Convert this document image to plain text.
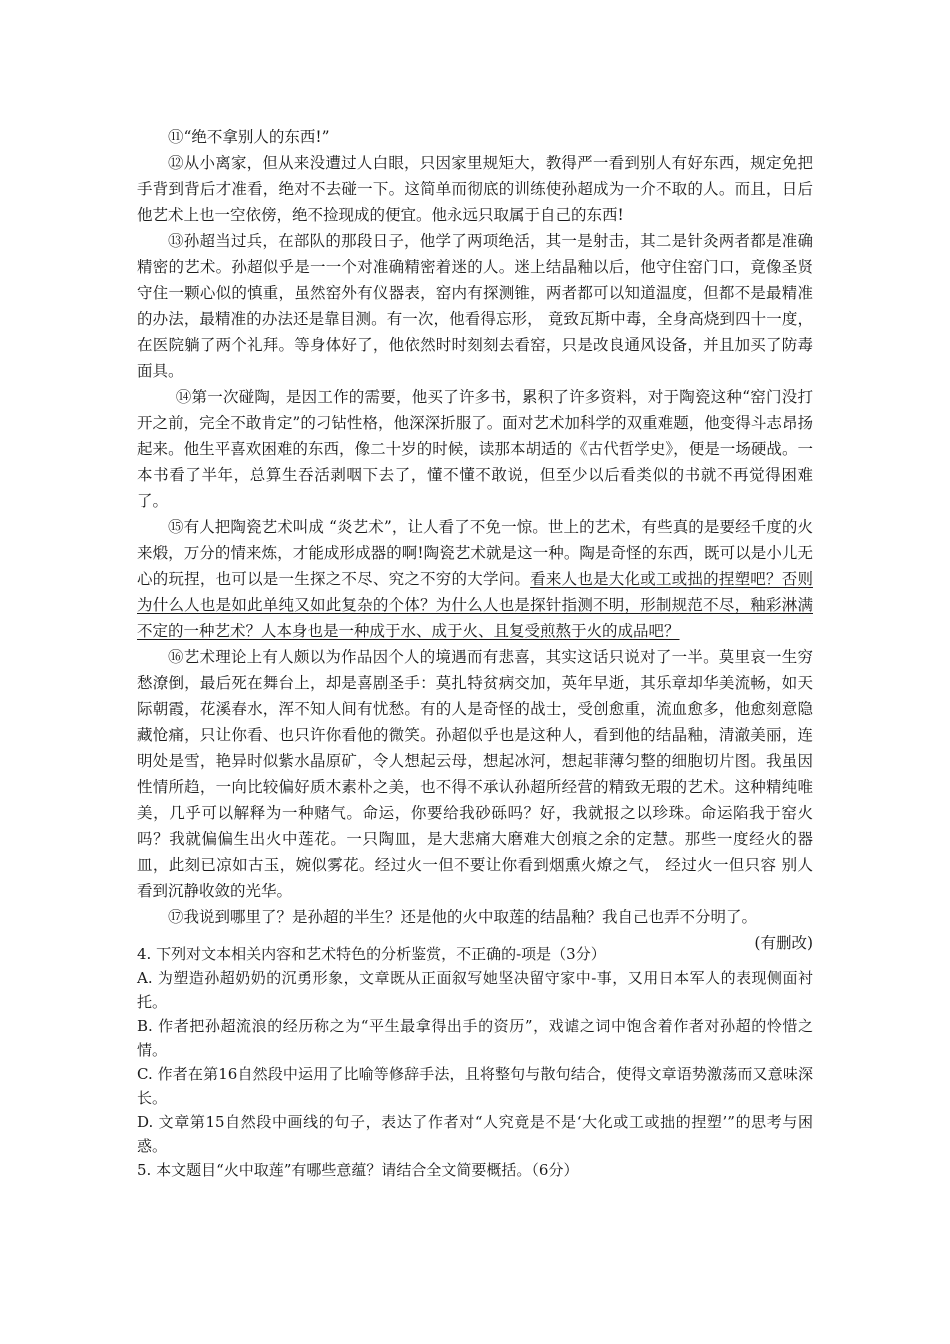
⑪“绝不拿别人的东西!”

⑫从小离家，但从来没遭过人白眼，只因家里规矩大，教得严一看到别人有好东西，规定免把手背到背后才准看，绝对不去碰一下。这简单而彻底的训练使孙超成为一介不取的人。而且，日后他艺术上也一空依傍，绝不捡现成的便宜。他永远只取属于自己的东西!

⑬孙超当过兵，在部队的那段日子，他学了两项绝活，其一是射击，其二是针灸两者都是准确精密的艺术。孙超似乎是一一个对准确精密着迷的人。迷上结晶釉以后，他守住窑门口，竟像圣贤守住一颗心似的慎重，虽然窑外有仪器表，窑内有探测锥，两者都可以知道温度，但都不是最精准的办法，最精准的办法还是靠目测。有一次，他看得忘形， 竟致瓦斯中毒，全身高烧到四十一度，在医院躺了两个礼拜。等身体好了，他依然时时刻刻去看窑，只是改良通风设备，并且加买了防毒面具。

⑭第一次碰陶，是因工作的需要，他买了许多书，累积了许多资料，对于陶瓷这种“窑门没打开之前，完全不敢肯定”的刁钻性格，他深深折服了。面对艺术加科学的双重难题，他变得斗志昂扬起来。他生平喜欢困难的东西，像二十岁的时候，读那本胡适的《古代哲学史》，便是一场硬战。一本书看了半年，总算生吞活剥咽下去了，懂不懂不敢说，但至少以后看类似的书就不再觉得困难了。

⑮有人把陶瓷艺术叫成 “炎艺术”，让人看了不免一惊。世上的艺术，有些真的是要经千度的火来煅，万分的情来炼，才能成形成器的啊!陶瓷艺术就是这一种。陶是奇怪的东西，既可以是小儿无心的玩捏，也可以是一生探之不尽、究之不穷的大学问。看来人也是大化或工或拙的捏塑吧？否则为什么人也是如此单纯又如此复杂的个体？为什么人也是探针指测不明，形制规范不尽，釉彩淋满不定的一种艺术？人本身也是一种成于水、成于火、且复受煎熬于火的成品吧？

⑯艺术理论上有人颇以为作品因个人的境遇而有悲喜，其实这话只说对了一半。莫里哀一生穷愁潦倒，最后死在舞台上，却是喜剧圣手：莫扎特贫病交加，英年早逝，其乐章却华美流畅，如天际朝霞，花溪春水，浑不知人间有忧愁。有的人是奇怪的战士，受创愈重，流血愈多，他愈刻意隐藏怆痛，只让你看、也只许你看他的微笑。孙超似乎也是这种人，看到他的结晶釉，清澈美丽，连明处是雪，艳异时似紫水晶原矿，令人想起云母，想起冰河，想起菲薄匀整的细胞切片图。我虽因性情所趋，一向比较偏好质木素朴之美，也不得不承认孙超所经营的精致无瑕的艺术。这种精纯唯美，几乎可以解释为一种赌气。命运，你要给我砂砾吗？好，我就报之以珍珠。命运陷我于窑火吗？我就偏偏生出火中莲花。一只陶皿，是大悲痛大磨难大创痕之余的定慧。那些一度经火的器皿，此刻已凉如古玉，婉似雾花。经过火一但不要让你看到烟熏火燎之气， 经过火一但只容 别人看到沉静收敛的光华。

⑰我说到哪里了？是孙超的半生？还是他的火中取莲的结晶釉？我自己也弄不分明了。

(有删改)

4. 下列对文本相关内容和艺术特色的分析鉴赏，不正确的-项是（3分）

A. 为塑造孙超奶奶的沉勇形象，文章既从正面叙写她坚决留守家中-事，又用日本军人的表现侧面衬托。

B. 作者把孙超流浪的经历称之为“平生最拿得出手的资历”，戏谑之词中饱含着作者对孙超的怜惜之情。

C. 作者在第16自然段中运用了比喻等修辞手法，且将整句与散句结合，使得文章语势激荡而又意味深长。

D. 文章第15自然段中画线的句子，表达了作者对“人究竟是不是‘大化或工或拙的捏塑’”的思考与困惑。

5. 本文题目“火中取莲”有哪些意蕴？请结合全文简要概括。（6分）
